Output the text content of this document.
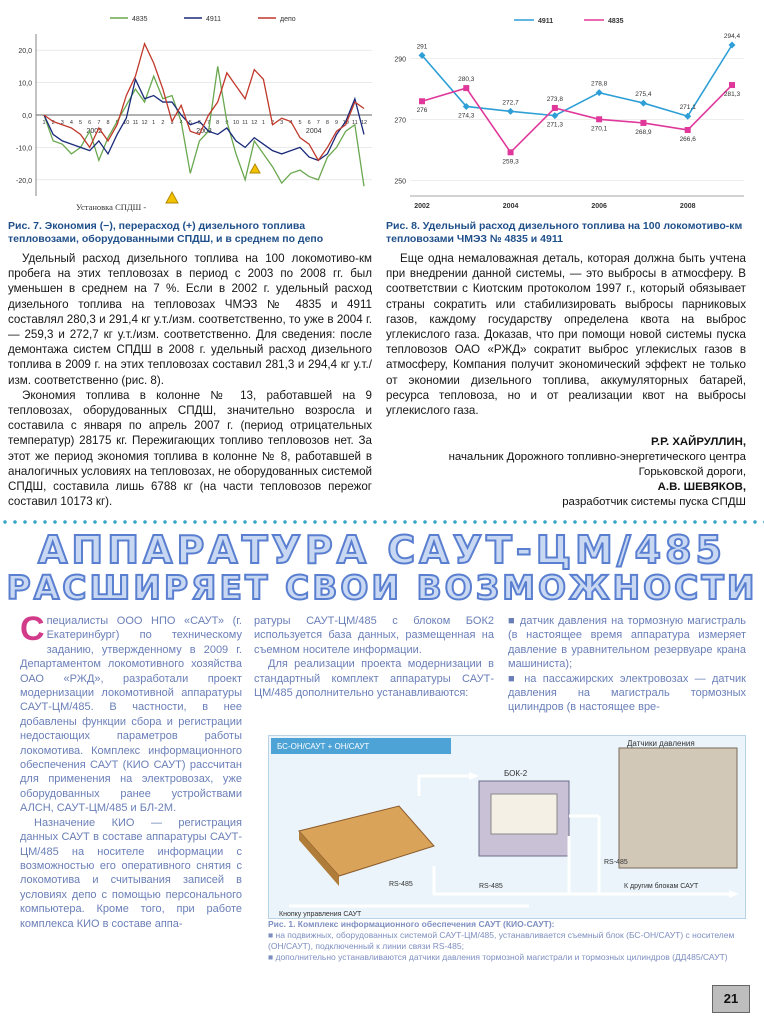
20,0
10,0
0,0
-10,0
-20,0
1 2 3 4 5 6 7 8 9 10 11 12 1 2 3 4 5 6 7 8 9 10 11 12 1 2 3 4 5 6 7 8 9 10 11 12
2002	2003	2004
4835	4911	депо
Установка СПДШ -
Рис. 7. Экономия (−), перерасход (+) дизельного топлива тепловозами, оборудованными СПДШ, и в среднем по депо
290
270
250
2002	2004	2006	2008
291
274,3
272,7
271,3
278,8
275,4
271,1
294,4
276
280,3
259,3
273,8
270,1
268,9
266,6
281,3
4911	4835
Рис. 8. Удельный расход дизельного топлива на 100 локомотиво-км тепловозами ЧМЭЗ № 4835 и 4911

Удельный расход дизельного топлива на 100 локомотиво-км пробега на этих тепловозах в период с 2003 по 2008 гг. был уменьшен в среднем на 7 %. Если в 2002 г. удельный расход дизельного топлива на тепловозах ЧМЭЗ № 4835 и 4911 составлял 280,3 и 291,4 кг у.т./изм. соответственно, то уже в 2004 г. — 259,3 и 272,7 кг у.т./изм. соответственно. Для сведения: после демонтажа систем СПДШ в 2008 г. удельный расход дизельного топлива в 2009 г. на этих тепловозах составил 281,3 и 294,4 кг у.т./изм. соответственно (рис. 8).

Экономия топлива в колонне № 13, работавшей на 9 тепловозах, оборудованных СПДШ, значительно возросла и составила с января по апрель 2007 г. (период отрицательных температур) 28175 кг. Пережигающих топливо тепловозов нет. За этот же период экономия топлива в колонне № 8, работавшей в аналогичных условиях на тепловозах, не оборудованных системой СПДШ, составила лишь 6788 кг (на части тепловозов пережог составил 10173 кг).

Еще одна немаловажная деталь, которая должна быть учтена при внедрении данной системы, — это выбросы в атмосферу. В соответствии с Киотским протоколом 1997 г., который обязывает страны сократить или стабилизировать выбросы парниковых газов, каждому государству определена квота на выброс углекислого газа. Доказав, что при помощи новой системы пуска тепловозов ОАО «РЖД» сократит выброс углекислых газов в атмосферу, Компания получит экономический эффект не только от экономии дизельного топлива, аккумуляторных батарей, ресурса тепловоза, но и от реализации квот на выбросы углекислого газа.

Р.Р. ХАЙРУЛЛИН,
начальник Дорожного топливно-энергетического центра Горьковской дороги,
А.В. ШЕВЯКОВ,
разработчик системы пуска СПДШ
АППАРАТУРА САУТ-ЦМ/485
РАСШИРЯЕТ СВОИ ВОЗМОЖНОСТИ

Специалисты ООО НПО «САУТ» (г. Екатеринбург) по техническому заданию, утвержденному в 2009 г. Департаментом локомотивного хозяйства ОАО «РЖД», разработали проект модернизации локомотивной аппаратуры САУТ-ЦМ/485. В частности, в нее добавлены функции сбора и регистрации недостающих параметров работы локомотива. Комплекс информационного обеспечения САУТ (КИО САУТ) рассчитан для применения на электровозах, уже оборудованных ранее устройствами АЛСН, САУТ-ЦМ/485 и БЛ-2М.

Назначение КИО — регистрация данных САУТ в составе аппаратуры САУТ-ЦМ/485 на носителе информации с возможностью его оперативного снятия с локомотива и считывания записей в условиях депо с помощью персонального компьютера. Кроме того, при работе комплекса КИО в составе аппа-

ратуры САУТ-ЦМ/485 с блоком БОК2 используется база данных, размещенная на съемном носителе информации.

Для реализации проекта модернизации в стандартный комплект аппаратуры САУТ-ЦМ/485 дополнительно устанавливаются:

■ датчик давления на тормозную магистраль (в настоящее время аппаратура измеряет давление в уравнительном резервуаре крана машиниста);

■ на пассажирских электровозах — датчик давления на магистраль тормозных цилиндров (в настоящее вре-

БС-ОН/САУТ + ОН/САУТ
БОК-2
Датчики давления
RS-485
RS-485	RS-485	К другим блокам САУТ
Кнопку управления САУТ
Рис. 1. Комплекс информационного обеспечения САУТ (КИО-САУТ):
■ на подвижных, оборудованных системой САУТ-ЦМ/485, устанавливается съемный блок (БС-ОН/САУТ) с носителем (ОН/САУТ), подключенный к линии связи RS-485;
■ дополнительно устанавливаются датчики давления тормозной магистрали и тормозных цилиндров (ДД485/САУТ)
21
